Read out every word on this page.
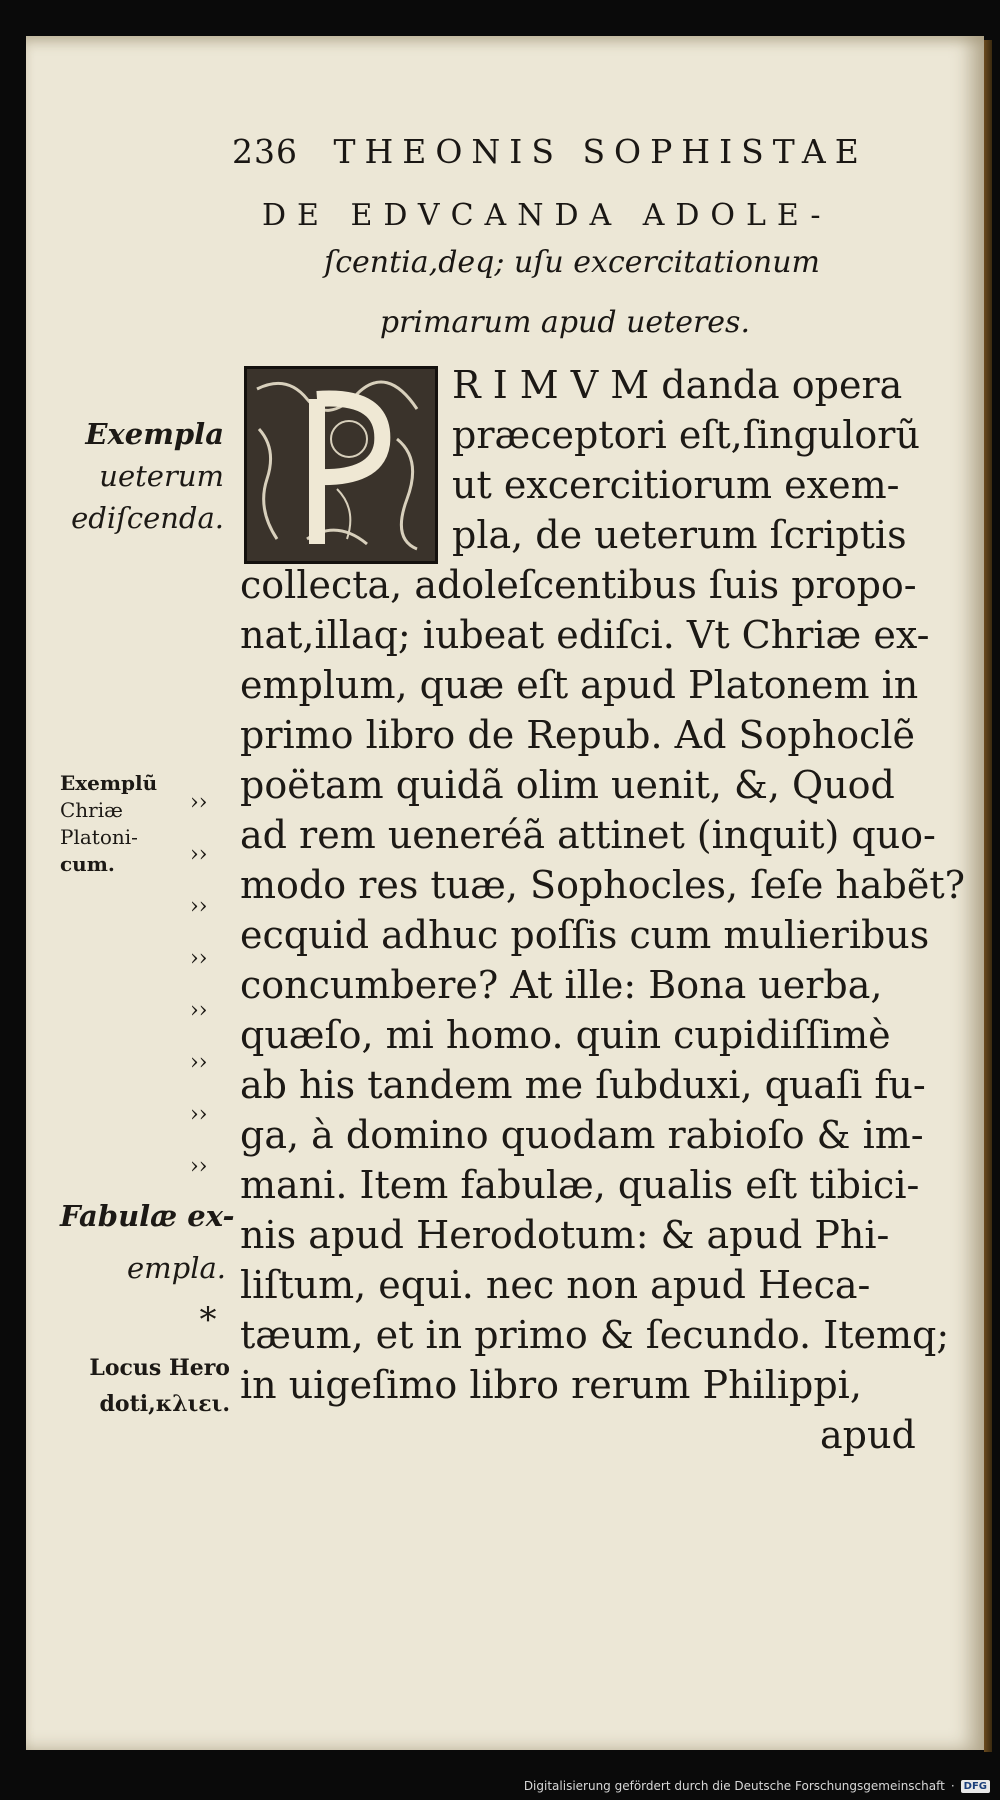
236 THEONIS SOPHISTAE
DE EDVCANDA ADOLE-
ſcentia,deq; uſu excercitationum
primarum apud ueteres.
R I M V M danda opera
præceptori eſt,ſingulorũ
ut excercitiorum exem-
pla, de ueterum ſcriptis
collecta, adoleſcentibus ſuis propo-
nat,illaq; iubeat ediſci. Vt Chriæ ex-
emplum, quæ eſt apud Platonem in
primo libro de Repub. Ad Sophoclẽ
poëtam quidã olim uenit, &, Quod
ad rem ueneréã attinet (inquit) quo-
modo res tuæ, Sophocles, ſeſe habẽt?
ecquid adhuc poſſis cum mulieribus
concumbere? At ille: Bona uerba,
quæſo, mi homo. quin cupidiſſimè
ab his tandem me ſubduxi, quaſi fu-
ga, à domino quodam rabioſo & im-
mani. Item fabulæ, qualis eſt tibici-
nis apud Herodotum: & apud Phi-
liſtum, equi. nec non apud Heca-
tæum, et in primo & ſecundo. Itemq;
in uigeſimo libro rerum Philippi,
apud
Exempla
ueterum
ediſcenda.
Exemplũ
Chriæ
Platoni-
cum.
››
››
››
››
››
››
››
››
Fabulæ ex-
empla.
*
Locus Hero
doti,κλιει.
Digitalisierung gefördert durch die Deutsche Forschungsgemeinschaft · DFG
